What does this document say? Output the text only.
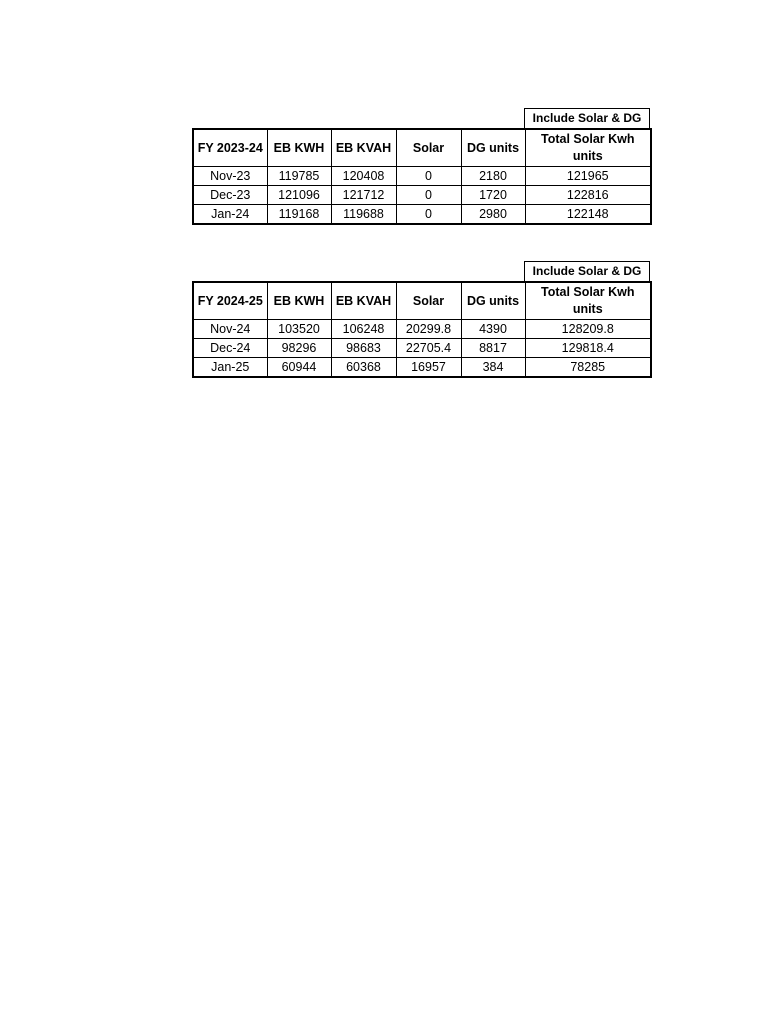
Include Solar & DG
FY 2023-24	EB KWH	EB KVAH	Solar	DG units	Total Solar Kwh units
Nov-23	119785	120408	0	2180	121965
Dec-23	121096	121712	0	1720	122816
Jan-24	119168	119688	0	2980	122148
Include Solar & DG
FY 2024-25	EB KWH	EB KVAH	Solar	DG units	Total Solar Kwh units
Nov-24	103520	106248	20299.8	4390	128209.8
Dec-24	98296	98683	22705.4	8817	129818.4
Jan-25	60944	60368	16957	384	78285
